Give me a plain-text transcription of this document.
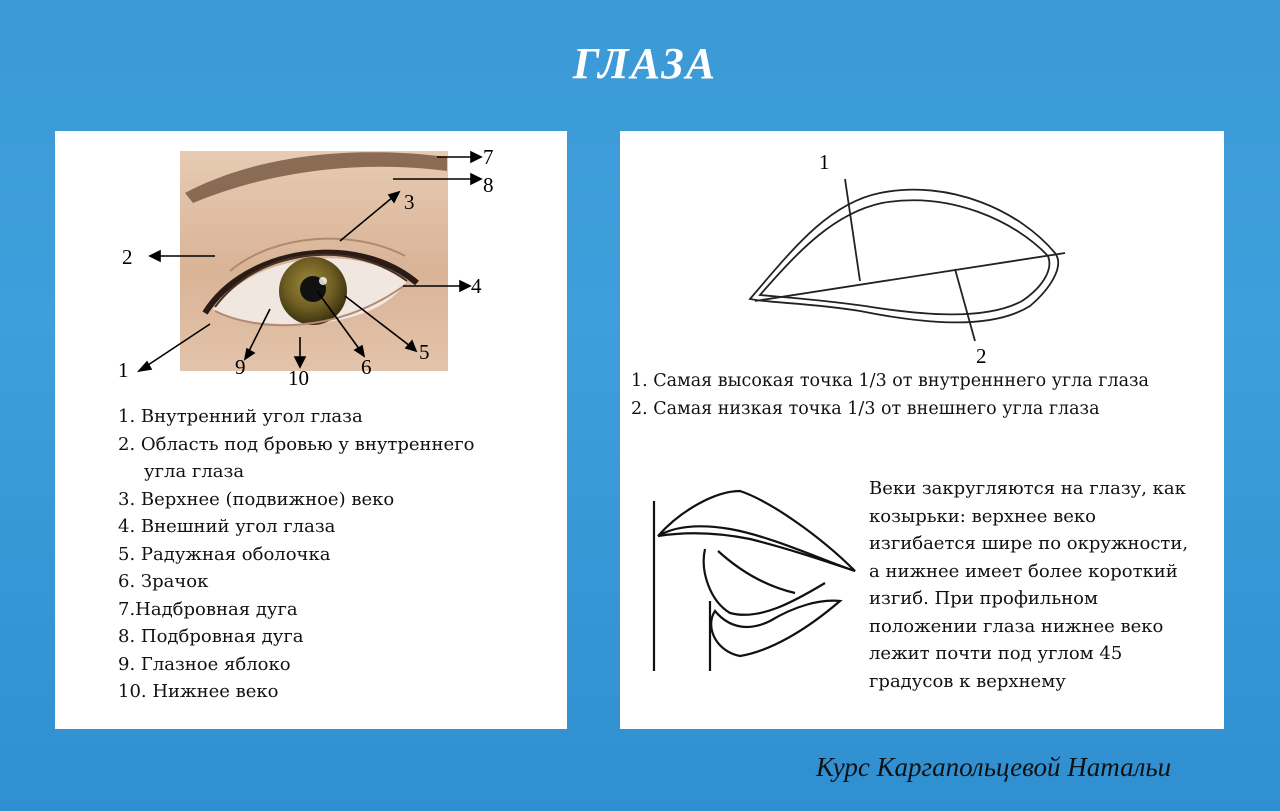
ГЛАЗА
1
2
3
4
5
6
7
8
9 10
1. Внутренний угол глаза
2. Область под бровью у внутреннего
угла глаза
3. Верхнее (подвижное) веко
4. Внешний угол глаза
5. Радужная оболочка
6. Зрачок
7.Надбровная дуга
8. Подбровная дуга
9. Глазное яблоко
10. Нижнее веко
1
2
1. Самая высокая точка 1/3 от внутренннего угла глаза
2. Самая низкая точка 1/3 от внешнего угла глаза
Веки закругляются на глазу, как
козырьки: верхнее веко
изгибается шире по окружности,
а нижнее имеет более короткий
изгиб. При профильном
положении глаза нижнее веко
лежит почти под углом 45
градусов к верхнему
Курс Каргапольцевой Натальи
